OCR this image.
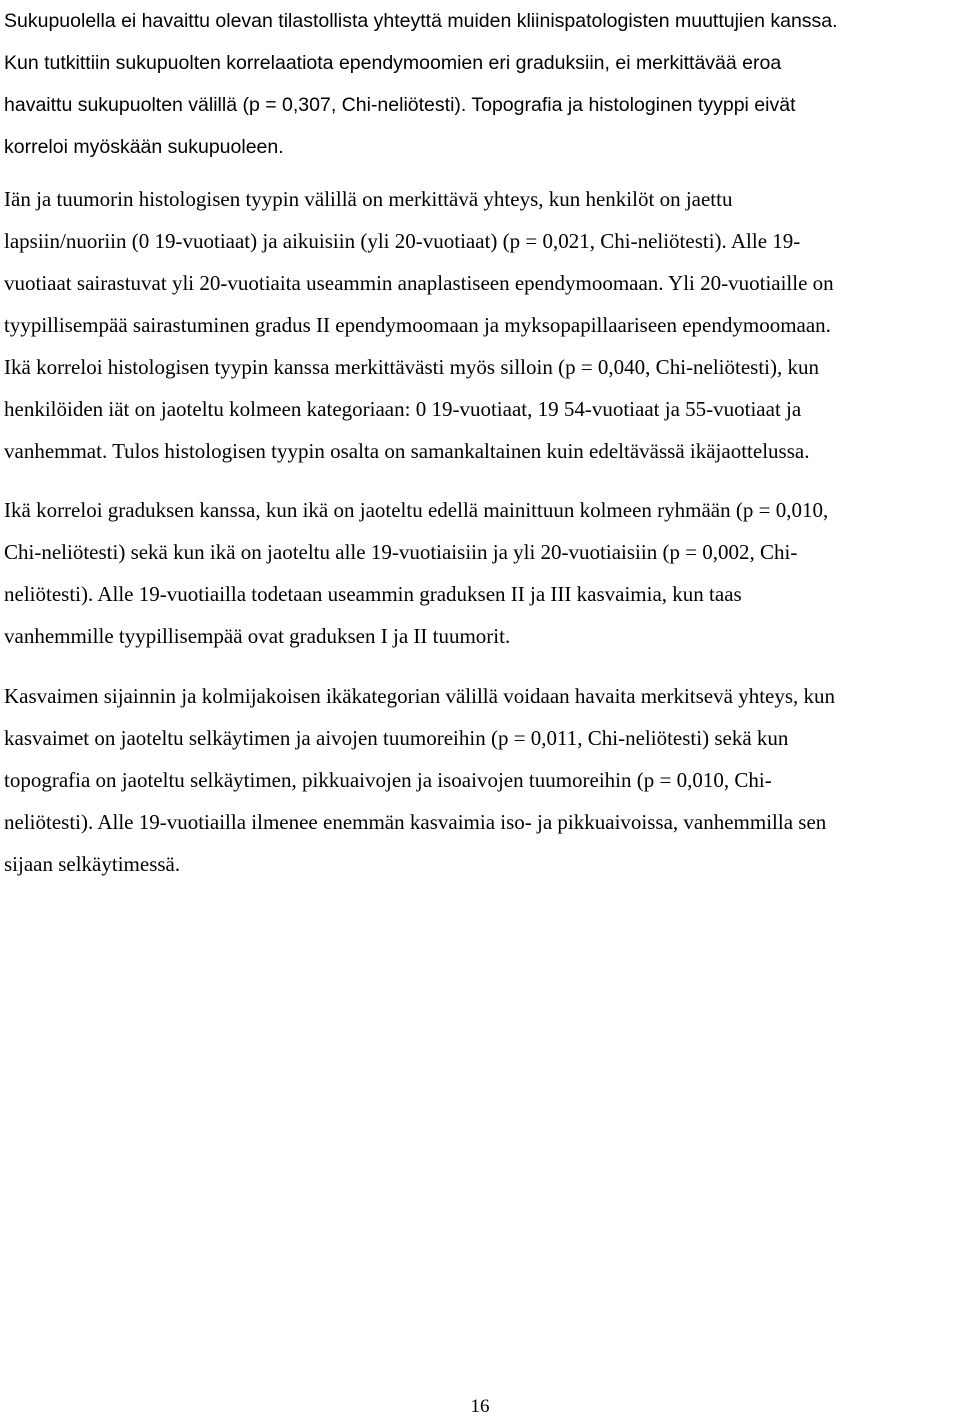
Sukupuolella ei havaittu olevan tilastollista yhteyttä muiden kliinispatologisten muuttujien kanssa.
Kun tutkittiin sukupuolten korrelaatiota ependymoomien eri graduksiin, ei merkittävää eroa
havaittu sukupuolten välillä (p = 0,307, Chi-neliötesti). Topografia ja histologinen tyyppi eivät
korreloi myöskään sukupuoleen.

Iän ja tuumorin histologisen tyypin välillä on merkittävä yhteys, kun henkilöt on jaettu
lapsiin/nuoriin (0 19-vuotiaat) ja aikuisiin (yli 20-vuotiaat) (p = 0,021, Chi-neliötesti). Alle 19-
vuotiaat sairastuvat yli 20-vuotiaita useammin anaplastiseen ependymoomaan. Yli 20-vuotiaille on
tyypillisempää sairastuminen gradus II ependymoomaan ja myksopapillaariseen ependymoomaan.
Ikä korreloi histologisen tyypin kanssa merkittävästi myös silloin (p = 0,040, Chi-neliötesti), kun
henkilöiden iät on jaoteltu kolmeen kategoriaan: 0 19-vuotiaat, 19 54-vuotiaat ja 55-vuotiaat ja
vanhemmat. Tulos histologisen tyypin osalta on samankaltainen kuin edeltävässä ikäjaottelussa.

Ikä korreloi graduksen kanssa, kun ikä on jaoteltu edellä mainittuun kolmeen ryhmään (p = 0,010,
Chi-neliötesti) sekä kun ikä on jaoteltu alle 19-vuotiaisiin ja yli 20-vuotiaisiin (p = 0,002, Chi-
neliötesti). Alle 19-vuotiailla todetaan useammin graduksen II ja III kasvaimia, kun taas
vanhemmille tyypillisempää ovat graduksen I ja II tuumorit.

Kasvaimen sijainnin ja kolmijakoisen ikäkategorian välillä voidaan havaita merkitsevä yhteys, kun
kasvaimet on jaoteltu selkäytimen ja aivojen tuumoreihin (p = 0,011, Chi-neliötesti) sekä kun
topografia on jaoteltu selkäytimen, pikkuaivojen ja isoaivojen tuumoreihin (p = 0,010, Chi-
neliötesti). Alle 19-vuotiailla ilmenee enemmän kasvaimia iso- ja pikkuaivoissa, vanhemmilla sen
sijaan selkäytimessä.

16
